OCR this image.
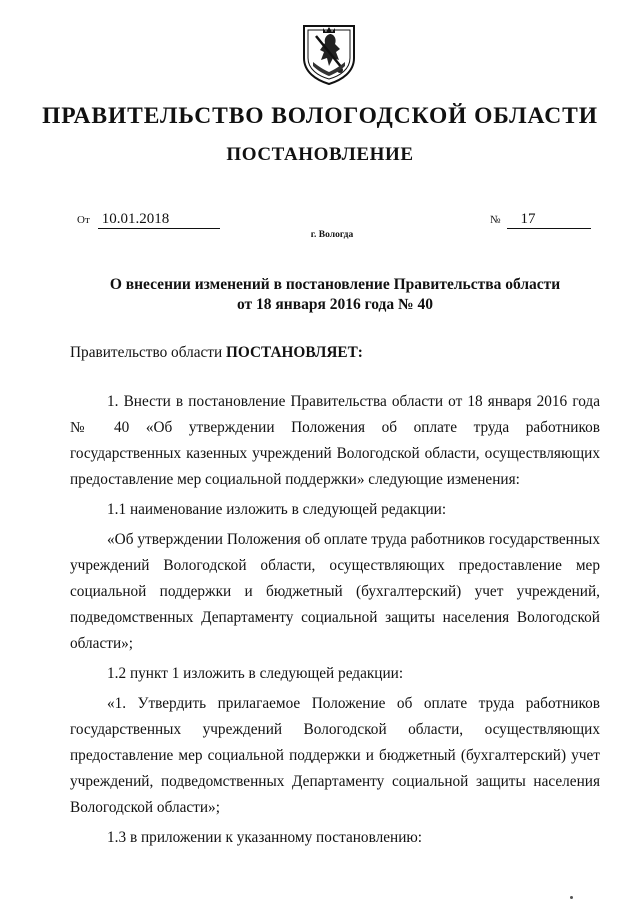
ПРАВИТЕЛЬСТВО ВОЛОГОДСКОЙ ОБЛАСТИ
ПОСТАНОВЛЕНИЕ
От 10.01.2018	№ 17
г. Вологда
О внесении изменений в постановление Правительства области
от 18 января 2016 года № 40

Правительство области ПОСТАНОВЛЯЕТ:

1. Внести в постановление Правительства области от 18 января 2016 года № 40 «Об утверждении Положения об оплате труда работников государственных казенных учреждений Вологодской области, осуществляющих предоставление мер социальной поддержки» следующие изменения:

1.1 наименование изложить в следующей редакции:

«Об утверждении Положения об оплате труда работников государственных учреждений Вологодской области, осуществляющих предоставление мер социальной поддержки и бюджетный (бухгалтерский) учет учреждений, подведомственных Департаменту социальной защиты населения Вологодской области»;

1.2 пункт 1 изложить в следующей редакции:

«1. Утвердить прилагаемое Положение об оплате труда работников государственных учреждений Вологодской области, осуществляющих предоставление мер социальной поддержки и бюджетный (бухгалтерский) учет учреждений, подведомственных Департаменту социальной защиты населения Вологодской области»;

1.3 в приложении к указанному постановлению:
